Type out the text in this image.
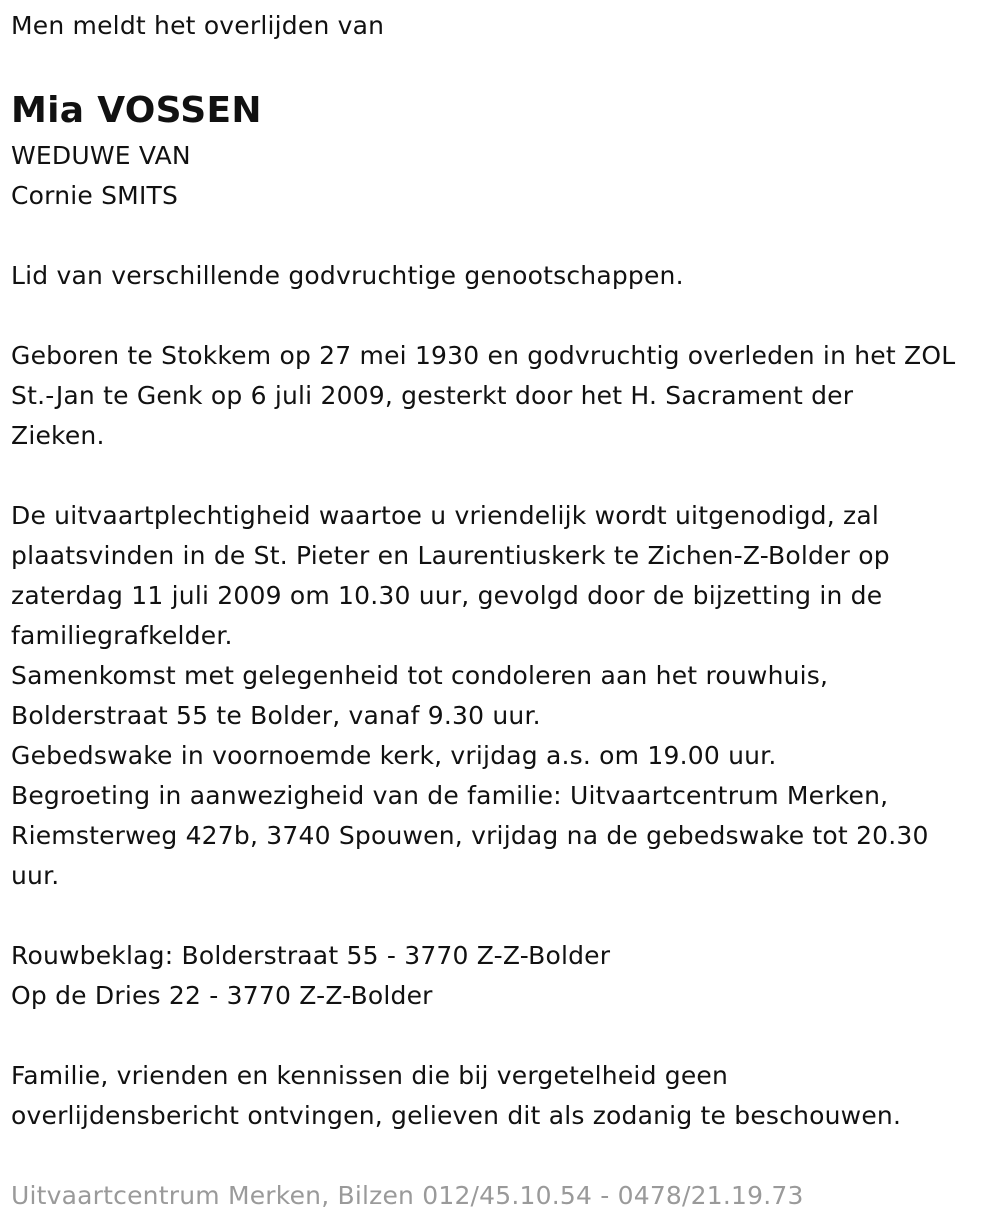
Men meldt het overlijden van
Mia VOSSEN
WEDUWE VAN
Cornie SMITS
Lid van verschillende godvruchtige genootschappen.
Geboren te Stokkem op 27 mei 1930 en godvruchtig overleden in het ZOL
St.-Jan te Genk op 6 juli 2009, gesterkt door het H. Sacrament der
Zieken.
De uitvaartplechtigheid waartoe u vriendelijk wordt uitgenodigd, zal
plaatsvinden in de St. Pieter en Laurentiuskerk te Zichen-Z-Bolder op
zaterdag 11 juli 2009 om 10.30 uur, gevolgd door de bijzetting in de
familiegrafkelder.
Samenkomst met gelegenheid tot condoleren aan het rouwhuis,
Bolderstraat 55 te Bolder, vanaf 9.30 uur.
Gebedswake in voornoemde kerk, vrijdag a.s. om 19.00 uur.
Begroeting in aanwezigheid van de familie: Uitvaartcentrum Merken,
Riemsterweg 427b, 3740 Spouwen, vrijdag na de gebedswake tot 20.30
uur.
Rouwbeklag: Bolderstraat 55 - 3770 Z-Z-Bolder
Op de Dries 22 - 3770 Z-Z-Bolder
Familie, vrienden en kennissen die bij vergetelheid geen
overlijdensbericht ontvingen, gelieven dit als zodanig te beschouwen.
Uitvaartcentrum Merken, Bilzen 012/45.10.54 - 0478/21.19.73
